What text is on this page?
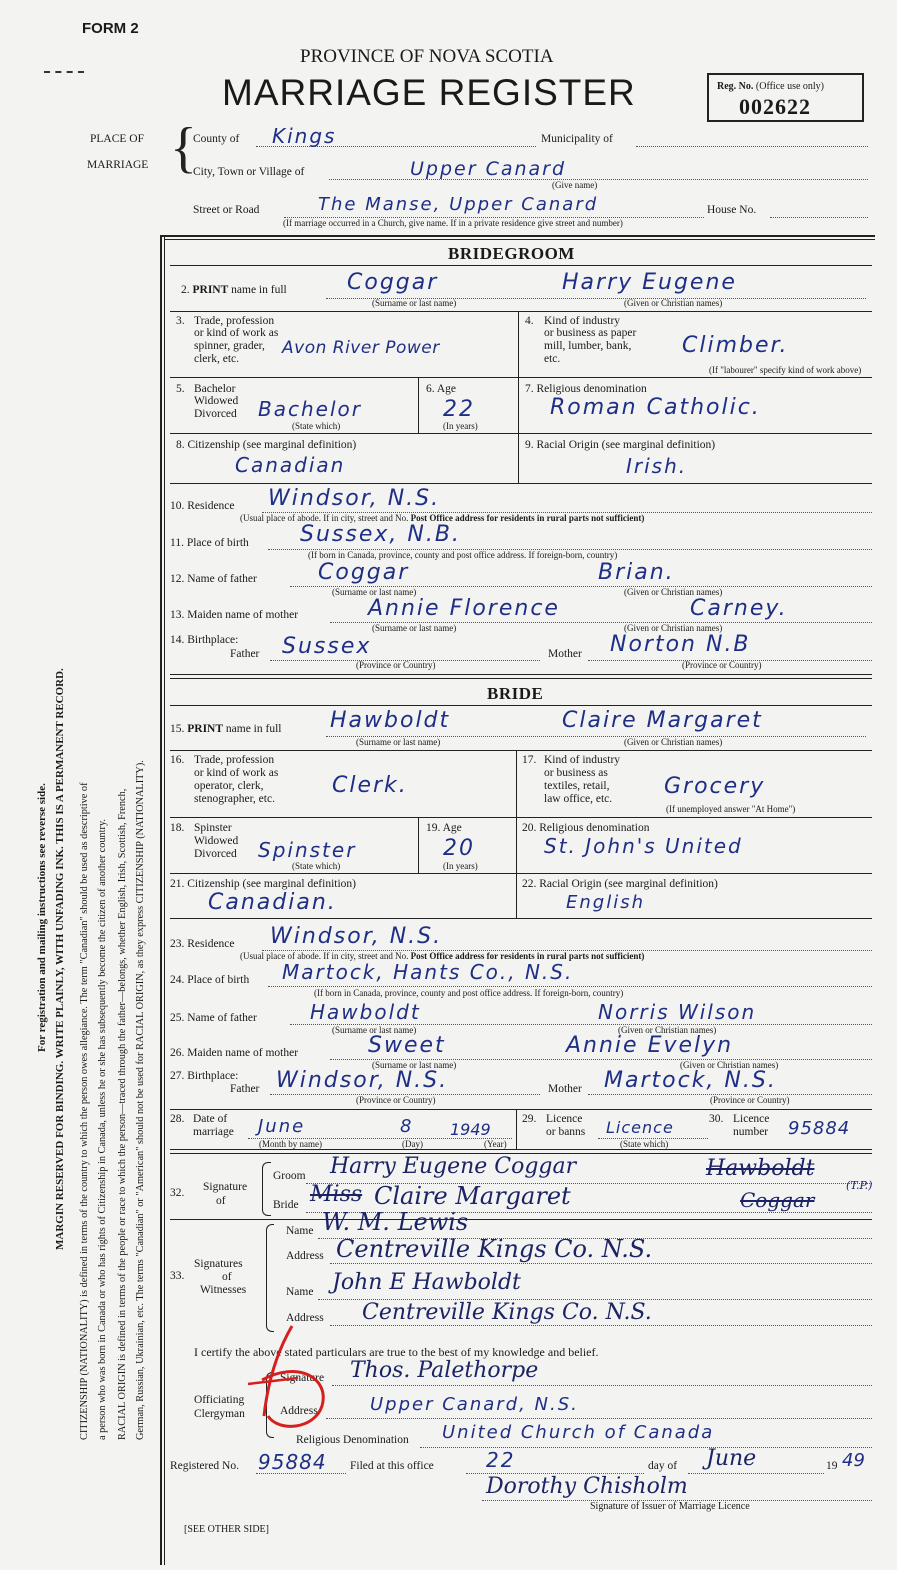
FORM 2
PROVINCE OF NOVA SCOTIA
MARRIAGE REGISTER	Reg. No. (Office use only)
002622
PLACE OF
MARRIAGE {
County of Kings	Municipality of
City, Town or Village of	Upper Canard
(Give name)
Street or Road	The Manse, Upper Canard	House No.
(If marriage occurred in a Church, give name. If in a private residence give street and number)
MARGIN RESERVED FOR BINDING. WRITE PLAINLY, WITH UNFADING INK. THIS IS A PERMANENT RECORD.
For registration and mailing instructions see reverse side.	CITIZENSHIP (NATIONALITY) is defined in terms of the country to which the person owes allegiance. The term "Canadian" should be used as descriptive of a person who was born in Canada or who has rights of Citizenship in Canada, unless he or she has subsequently become the citizen of another country. RACIAL ORIGIN is defined in terms of the people or race to which the person—traced through the father—belongs, whether English, Irish, Scottish, French, German, Russian, Ukrainian, etc. The terms "Canadian" or "American" should not be used for RACIAL ORIGIN, as they express CITIZENSHIP (NATIONALITY).
BRIDEGROOM
2. PRINT name in full	Coggar	Harry Eugene
(Surname or last name)	(Given or Christian names)
3. Trade, profession
or kind of work as
spinner, grader,
clerk, etc.
Avon River Power
4. Kind of industry
or business as paper
mill, lumber, bank,
etc.
Climber.
(If "labourer" specify kind of work above)
5. Bachelor
Widowed
Divorced Bachelor
(State which)
6. Age
22
(In years)
7. Religious denomination
Roman Catholic.
8. Citizenship (see marginal definition)
Canadian
9. Racial Origin (see marginal definition)
Irish.
10. Residence Windsor, N.S.
(Usual place of abode. If in city, street and No. Post Office address for residents in rural parts not sufficient)
11. Place of birth Sussex, N.B.
(If born in Canada, province, county and post office address. If foreign-born, country)
12. Name of father	Coggar	Brian.
(Surname or last name)	(Given or Christian names)
13. Maiden name of mother	Annie Florence	Carney.
(Surname or last name)	(Given or Christian names)
14. Birthplace:
Father Sussex	Mother Norton N.B
(Province or Country)	(Province or Country)
BRIDE
15. PRINT name in full Hawboldt	Claire Margaret
(Surname or last name)	(Given or Christian names)
16. Trade, profession
or kind of work as
operator, clerk,
stenographer, etc.
Clerk.
17. Kind of industry
or business as
textiles, retail,
law office, etc. Grocery
(If unemployed answer "At Home")
18. Spinster
Widowed
Divorced Spinster
(State which)
19. Age
20
(In years)
20. Religious denomination
St. John's United
21. Citizenship (see marginal definition)
Canadian.
22. Racial Origin (see marginal definition)
English
23. Residence Windsor, N.S.
(Usual place of abode. If in city, street and No. Post Office address for residents in rural parts not sufficient)
24. Place of birth Martock, Hants Co., N.S.
(If born in Canada, province, county and post office address. If foreign-born, country)
25. Name of father	Hawboldt	Norris Wilson
(Surname or last name)	(Given or Christian names)
26. Maiden name of mother	Sweet	Annie Evelyn
(Surname or last name)	(Given or Christian names)
27. Birthplace:
Father Windsor, N.S.	Mother Martock, N.S.
(Province or Country)	(Province or Country)
28. Date of
marriage June	8 1949
(Month by name)	(Day)	(Year)
29. Licence
or banns Licence
(State which)
30. Licence
number 95884
32. Signature
of
Groom Harry Eugene Coggar
Bride Miss Claire Margaret	Coggar
Hawboldt
(T.P.)
33.
Signatures
of
Witnesses
Name W. M. Lewis
Address Centreville Kings Co. N.S.
Name John E Hawboldt
Address Centreville Kings Co. N.S.
I certify the above stated particulars are true to the best of my knowledge and belief.
Officiating
Clergyman
Signature Thos. Palethorpe
Address	Upper Canard, N.S.
Religious Denomination United Church of Canada
Registered No. 95884 Filed at this office	22	day of June	19 49
Dorothy Chisholm
Signature of Issuer of Marriage Licence
[SEE OTHER SIDE]
